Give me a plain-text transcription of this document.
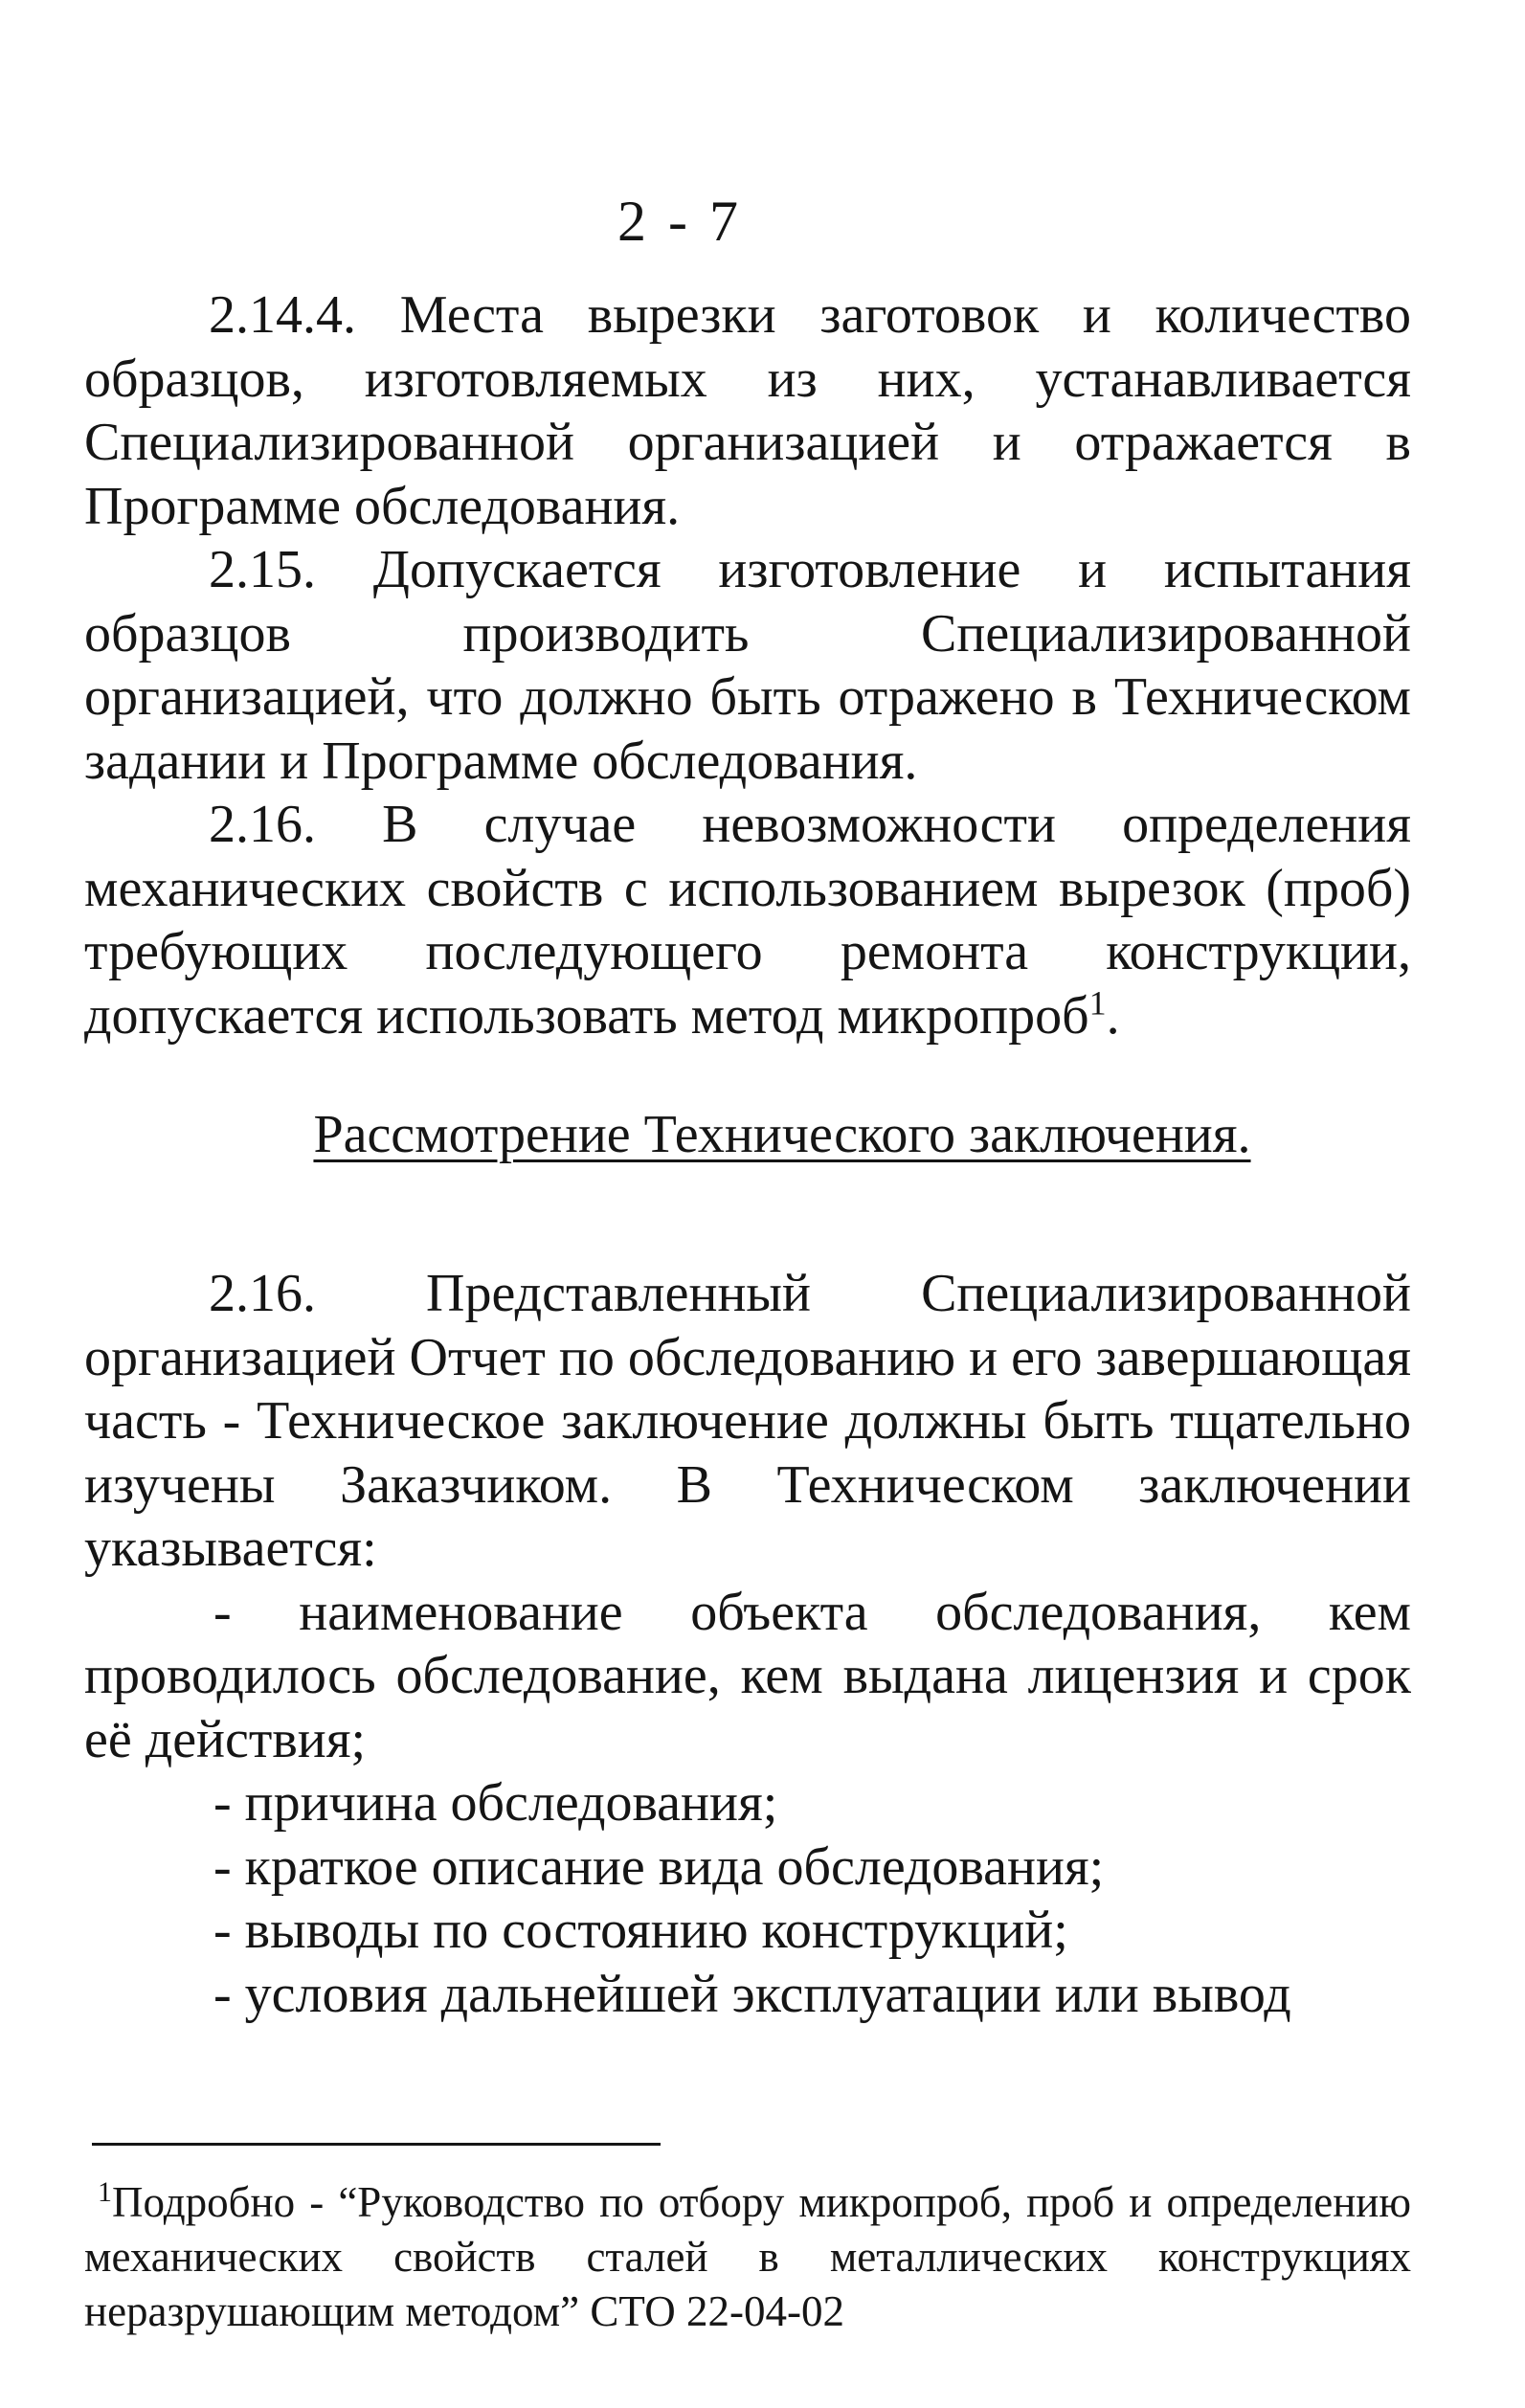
2 - 7

2.14.4. Места вырезки заготовок и количество образцов, изготовляемых из них, устанавливается Специализированной организацией и отражается в Программе обследования.

2.15. Допускается изготовление и испытания образцов производить Специализированной организацией, что должно быть отражено в Техническом задании и Программе обследования.

2.16. В случае невозможности определения механических свойств с использованием вырезок (проб) требующих последующего ремонта конструкции, допускается использовать метод микропроб$^1$.

Рассмотрение Технического заключения.

2.16. Представленный Специализированной организацией Отчет по обследованию и его завершающая часть - Техническое заключение должны быть тщательно изучены Заказчиком. В Техническом заключении указывается:

- наименование объекта обследования, кем проводилось обследование, кем выдана лицензия и срок её действия;
- причина обследования;
- краткое описание вида обследования;
- выводы по состоянию конструкций;
- условия дальнейшей эксплуатации или вывод

$^1$Подробно - “Руководство по отбору микропроб, проб и определению механических свойств сталей в металлических конструкциях неразрушающим методом” СТО 22-04-02
